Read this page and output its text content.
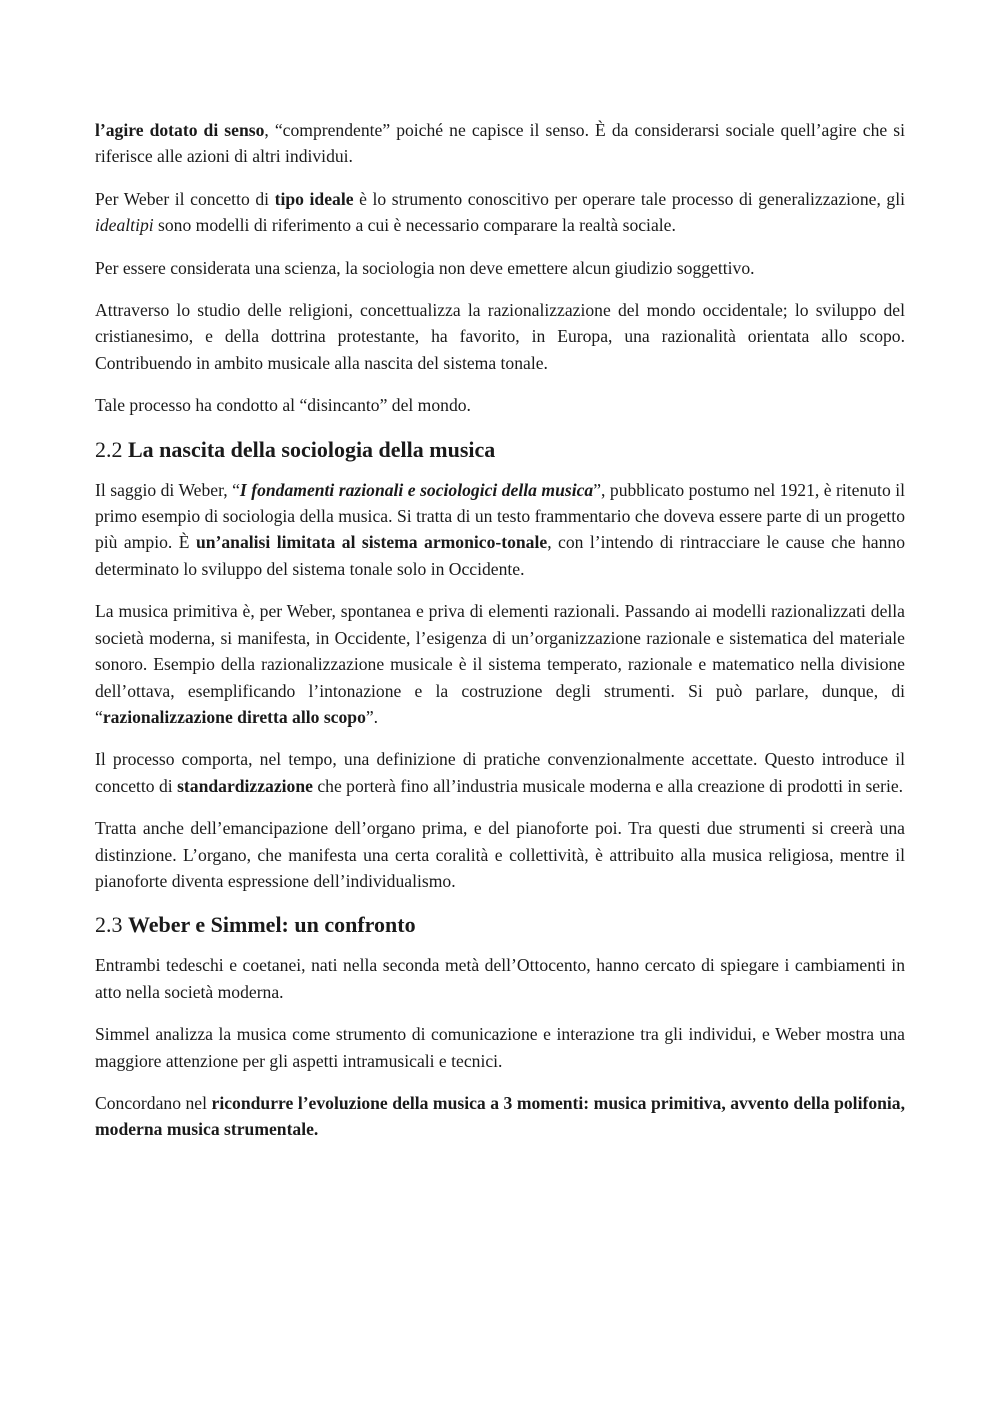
l’agire dotato di senso, “comprendente” poiché ne capisce il senso. È da considerarsi sociale quell’agire che si riferisce alle azioni di altri individui.

Per Weber il concetto di tipo ideale è lo strumento conoscitivo per operare tale processo di generalizzazione, gli idealtipi sono modelli di riferimento a cui è necessario comparare la realtà sociale.

Per essere considerata una scienza, la sociologia non deve emettere alcun giudizio soggettivo.

Attraverso lo studio delle religioni, concettualizza la razionalizzazione del mondo occidentale; lo sviluppo del cristianesimo, e della dottrina protestante, ha favorito, in Europa, una razionalità orientata allo scopo. Contribuendo in ambito musicale alla nascita del sistema tonale.

Tale processo ha condotto al “disincanto” del mondo.

2.2 La nascita della sociologia della musica

Il saggio di Weber, “I fondamenti razionali e sociologici della musica”, pubblicato postumo nel 1921, è ritenuto il primo esempio di sociologia della musica. Si tratta di un testo frammentario che doveva essere parte di un progetto più ampio. È un’analisi limitata al sistema armonico-tonale, con l’intendo di rintracciare le cause che hanno determinato lo sviluppo del sistema tonale solo in Occidente.

La musica primitiva è, per Weber, spontanea e priva di elementi razionali. Passando ai modelli razionalizzati della società moderna, si manifesta, in Occidente, l’esigenza di un’organizzazione razionale e sistematica del materiale sonoro. Esempio della razionalizzazione musicale è il sistema temperato, razionale e matematico nella divisione dell’ottava, esemplificando l’intonazione e la costruzione degli strumenti. Si può parlare, dunque, di “razionalizzazione diretta allo scopo”.

Il processo comporta, nel tempo, una definizione di pratiche convenzionalmente accettate. Questo introduce il concetto di standardizzazione che porterà fino all’industria musicale moderna e alla creazione di prodotti in serie.

Tratta anche dell’emancipazione dell’organo prima, e del pianoforte poi. Tra questi due strumenti si creerà una distinzione. L’organo, che manifesta una certa coralità e collettività, è attribuito alla musica religiosa, mentre il pianoforte diventa espressione dell’individualismo.

2.3 Weber e Simmel: un confronto

Entrambi tedeschi e coetanei, nati nella seconda metà dell’Ottocento, hanno cercato di spiegare i cambiamenti in atto nella società moderna.

Simmel analizza la musica come strumento di comunicazione e interazione tra gli individui, e Weber mostra una maggiore attenzione per gli aspetti intramusicali e tecnici.

Concordano nel ricondurre l’evoluzione della musica a 3 momenti: musica primitiva, avvento della polifonia, moderna musica strumentale.
